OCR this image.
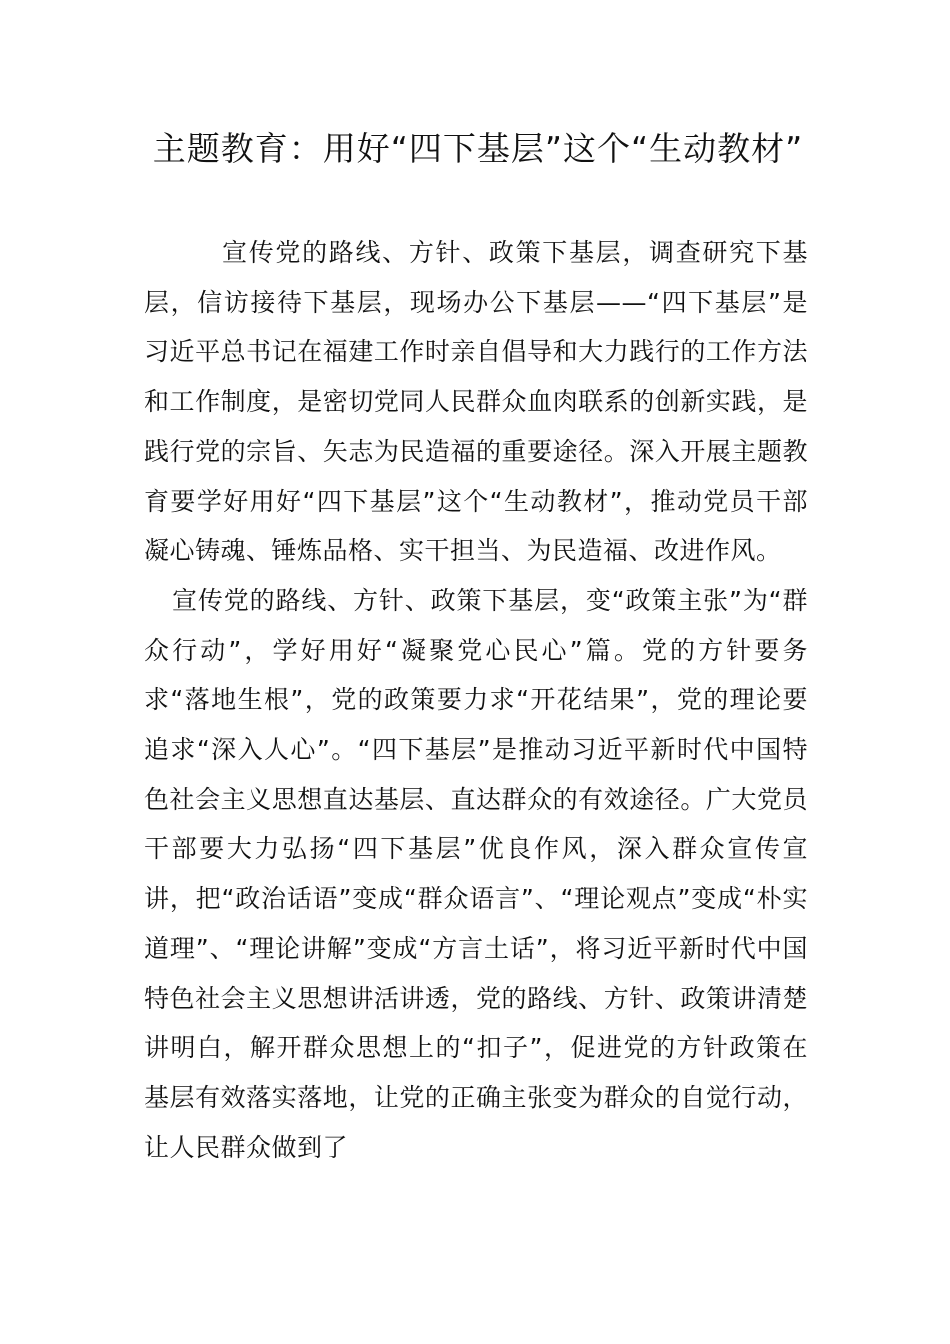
主题教育：用好“四下基层”这个“生动教材”

宣传党的路线、方针、政策下基层，调查研究下基层，信访接待下基层，现场办公下基层——“四下基层”是习近平总书记在福建工作时亲自倡导和大力践行的工作方法和工作制度，是密切党同人民群众血肉联系的创新实践，是践行党的宗旨、矢志为民造福的重要途径。深入开展主题教育要学好用好“四下基层”这个“生动教材”，推动党员干部凝心铸魂、锤炼品格、实干担当、为民造福、改进作风。

宣传党的路线、方针、政策下基层，变“政策主张”为“群众行动”，学好用好“凝聚党心民心”篇。党的方针要务求“落地生根”，党的政策要力求“开花结果”，党的理论要追求“深入人心”。“四下基层”是推动习近平新时代中国特色社会主义思想直达基层、直达群众的有效途径。广大党员干部要大力弘扬“四下基层”优良作风，深入群众宣传宣讲，把“政治话语”变成“群众语言”、“理论观点”变成“朴实道理”、“理论讲解”变成“方言土话”，将习近平新时代中国特色社会主义思想讲活讲透，党的路线、方针、政策讲清楚讲明白，解开群众思想上的“扣子”，促进党的方针政策在基层有效落实落地，让党的正确主张变为群众的自觉行动，让人民群众做到了
